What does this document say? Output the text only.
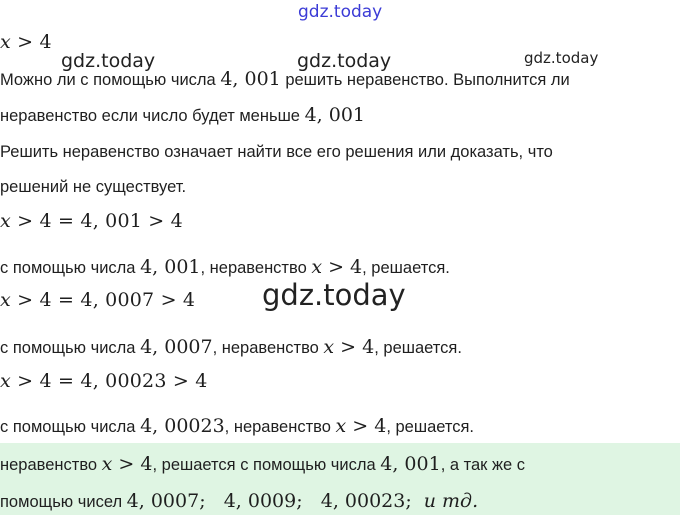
gdz.today
gdz.today	gdz.today	gdz.today
gdz.today
x > 4
Можно ли с помощью числа 4, 001 решить неравенство. Выполнится ли
неравенство если число будет меньше 4, 001
Решить неравенство означает найти все его решения или доказать, что
решений не существует.
x > 4 = 4, 001 > 4
с помощью числа 4, 001, неравенство x > 4, решается.
x > 4 = 4, 0007 > 4
с помощью числа 4, 0007, неравенство x > 4, решается.
x > 4 = 4, 00023 > 4
с помощью числа 4, 00023, неравенство x > 4, решается.
неравенство x > 4, решается с помощью числа 4, 001, а так же с
помощью чисел 4, 0007;   4, 0009;   4, 00023; и тд.
